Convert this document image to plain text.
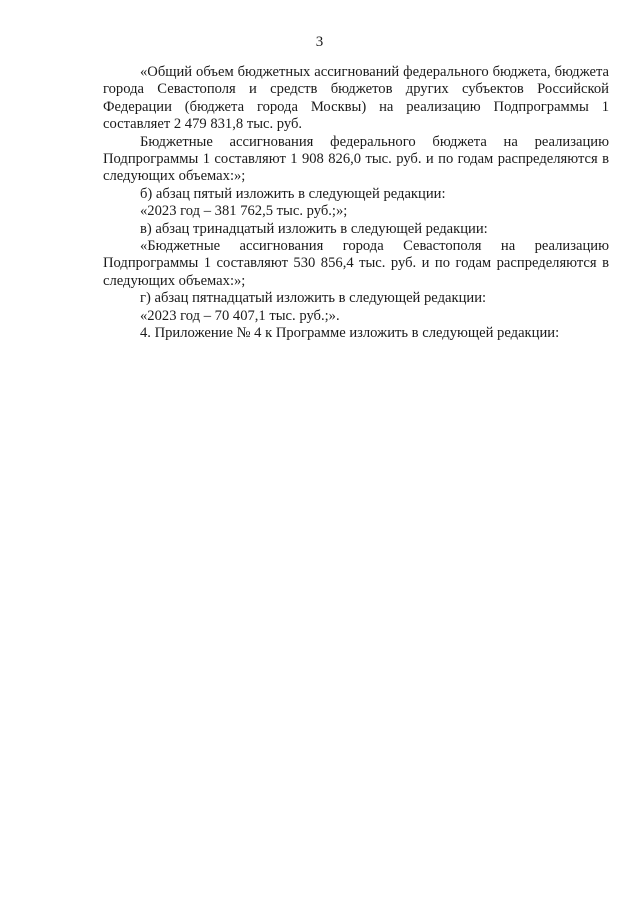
3

«Общий объем бюджетных ассигнований федерального бюджета, бюджета города Севастополя и средств бюджетов других субъектов Российской Федерации (бюджета города Москвы) на реализацию Подпрограммы 1 составляет 2 479 831,8 тыс. руб.

Бюджетные ассигнования федерального бюджета на реализацию Подпрограммы 1 составляют 1 908 826,0 тыс. руб. и по годам распределяются в следующих объемах:»;

б) абзац пятый изложить в следующей редакции:

«2023 год – 381 762,5 тыс. руб.;»;

в) абзац тринадцатый изложить в следующей редакции:

«Бюджетные ассигнования города Севастополя на реализацию Подпрограммы 1 составляют 530 856,4 тыс. руб. и по годам распределяются в следующих объемах:»;

г) абзац пятнадцатый изложить в следующей редакции:

«2023 год – 70 407,1 тыс. руб.;».

4. Приложение № 4 к Программе изложить в следующей редакции:
